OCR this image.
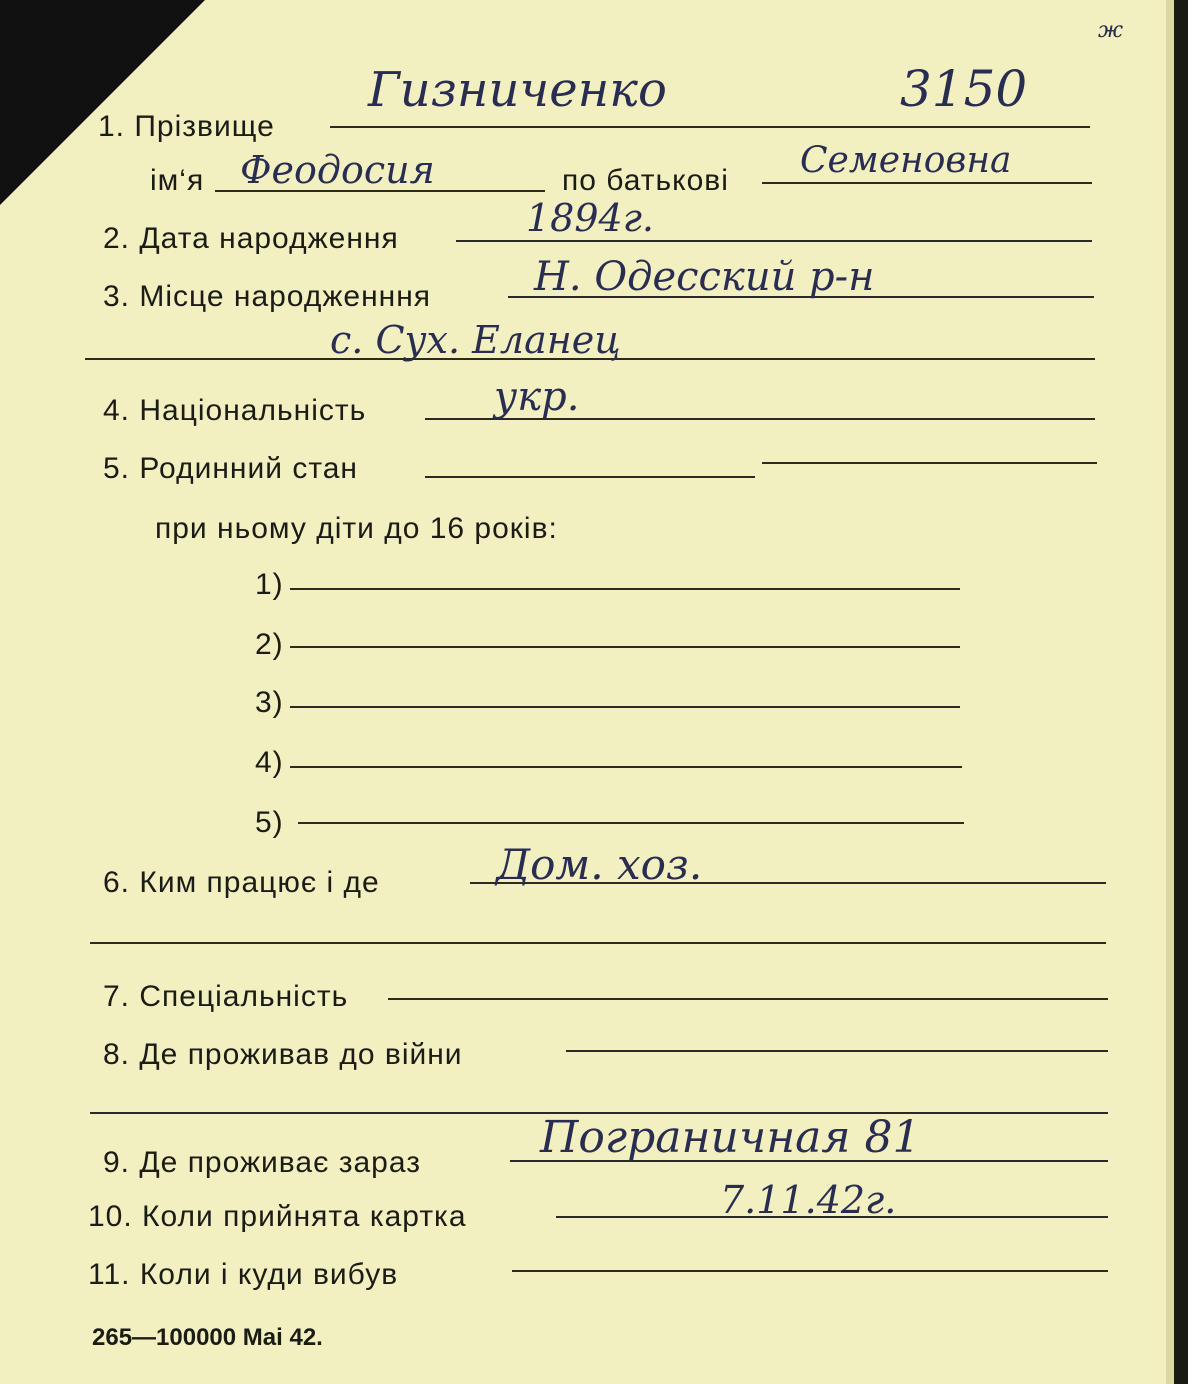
ж
1. Прізвище
Гизниченко	3150
ім‘я Феодосия	по батькові Семеновна
2. Дата народження	1894г.
3. Місце народженння	Н. Одесский р-н
с. Сух. Еланец
4. Національність	укр.
5. Родинний стан
при ньому діти до 16 років:
1)
2)
3)
4)
5)
6. Ким працює і де	Дом. хоз.
7. Спеціальність
8. Де проживав до війни
9. Де проживає зараз	Пограничная 81
10. Коли прийнята картка	7.11.42г.
11. Коли і куди вибув
265—100000 Mai 42.
